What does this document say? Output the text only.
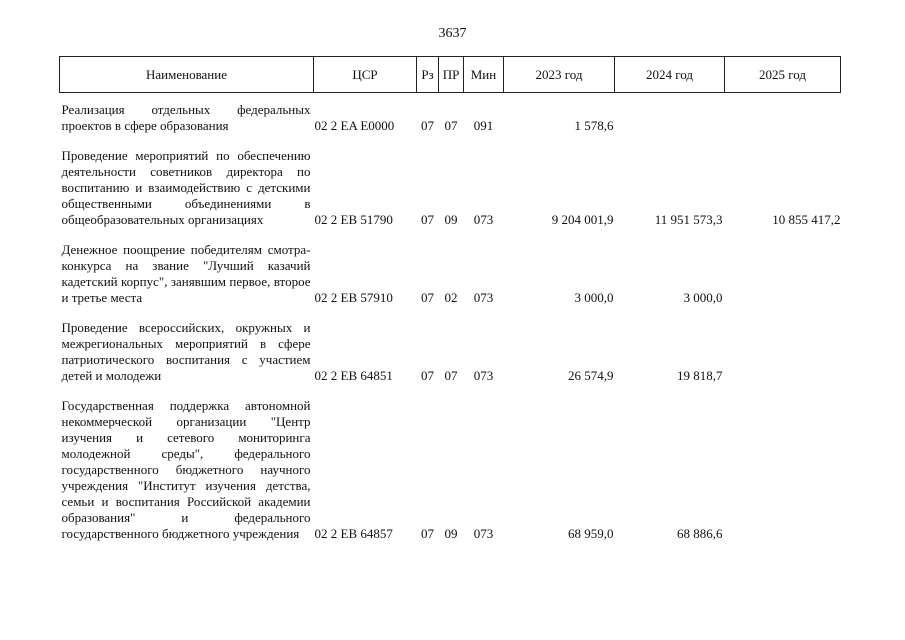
3637
Наименование	ЦСР	Рз	ПР	Мин	2023 год	2024 год	2025 год

Реализация отдельных федеральных проектов в сфере образования	02 2 EA E0000	07	07	091	1 578,6		

Проведение мероприятий по обеспечению деятельности советников директора по воспитанию и взаимодействию с детскими общественными объединениями в общеобразовательных организациях	02 2 EB 51790	07	09	073	9 204 001,9	11 951 573,3	10 855 417,2

Денежное поощрение победителям смотра-конкурса на звание "Лучший казачий кадетский корпус", занявшим первое, второе и третье места	02 2 EB 57910	07	02	073	3 000,0	3 000,0	

Проведение всероссийских, окружных и межрегиональных мероприятий в сфере патриотического воспитания с участием детей и молодежи	02 2 EB 64851	07	07	073	26 574,9	19 818,7	

Государственная поддержка автономной некоммерческой организации "Центр изучения и сетевого мониторинга молодежной среды", федерального государственного бюджетного научного учреждения "Институт изучения детства, семьи и воспитания Российской академии образования" и федерального государственного бюджетного учреждения	02 2 EB 64857	07	09	073	68 959,0	68 886,6	
